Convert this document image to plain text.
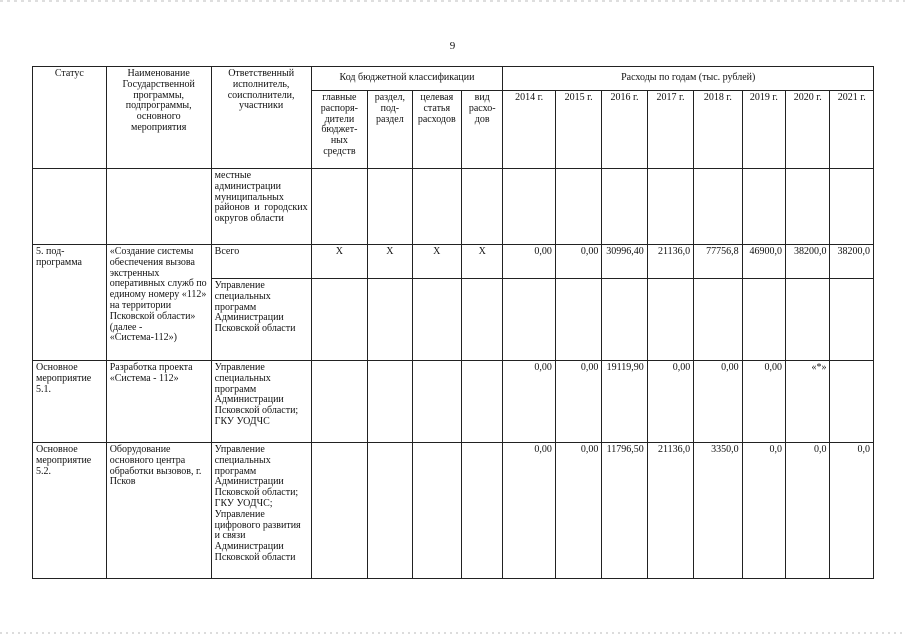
9
Статус	Наименование Государственной программы, подпрограммы, основного мероприятия	Ответственный исполнитель, соисполнители, участники	Код бюджетной классификации				Расходы по годам (тыс. рублей)							
			главные распоря-дители бюджет-ных средств	раздел, под-раздел	целевая статья расходов	вид расхо-дов	2014 г.	2015 г.	2016 г.	2017 г.	2018 г.	2019 г.	2020 г.	2021 г.
		местные администрации муниципальных районов и городских округов области												
5. под-программа	«Создание системы обеспечения вызова экстренных оперативных служб по единому номеру «112» на территории Псковской области» (далее - «Система-112»)	Всего	Х	Х	Х	Х	0,00	0,00	30996,40	21136,0	77756,8	46900,0	38200,0	38200,0
		Управление специальных программ Администрации Псковской области												
Основное мероприятие 5.1.	Разработка проекта «Система - 112»	Управление специальных программ Администрации Псковской области; ГКУ УОДЧС					0,00	0,00	19119,90	0,00	0,00	0,00	«*»	
Основное мероприятие 5.2.	Оборудование основного центра обработки вызовов, г. Псков	Управление специальных программ Администрации Псковской области; ГКУ УОДЧС; Управление цифрового развития и связи Администрации Псковской области					0,00	0,00	11796,50	21136,0	3350,0	0,0	0,0	0,0
